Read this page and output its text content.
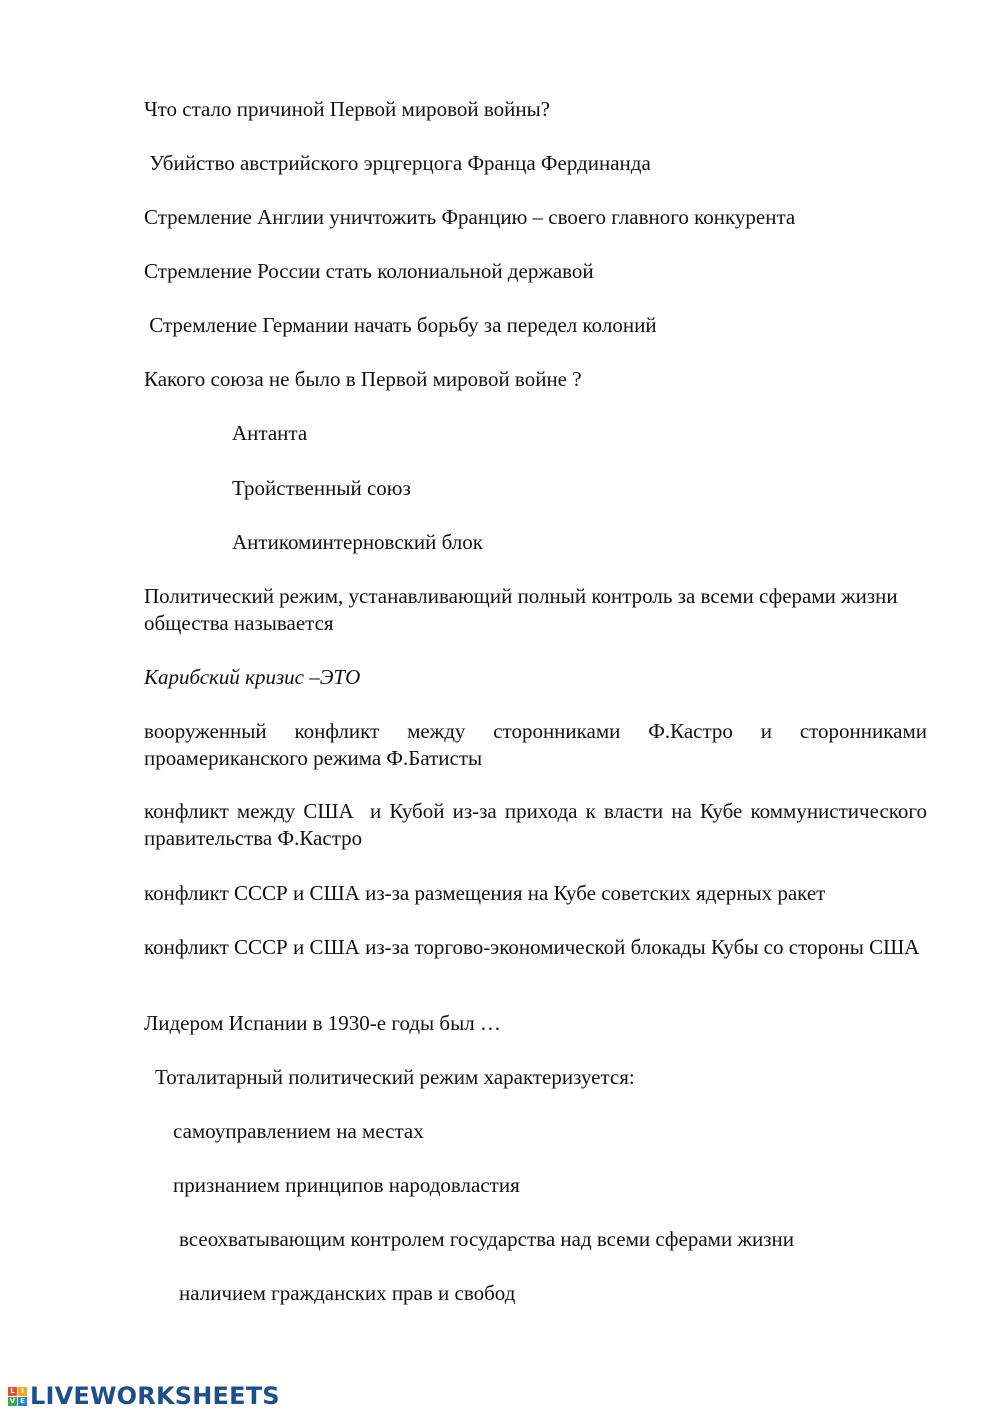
Что стало причиной Первой мировой войны?

Убийство австрийского эрцгерцога Франца Фердинанда

Стремление Англии уничтожить Францию – своего главного конкурента

Стремление России стать колониальной державой

Стремление Германии начать борьбу за передел колоний

Какого союза не было в Первой мировой войне ?

Антанта

Тройственный союз

Антикоминтерновский блок

Политический режим, устанавливающий полный контроль за всеми сферами жизни общества называется

Карибский кризис –ЭТО

вооруженный конфликт между сторонниками Ф.Кастро и сторонниками проамериканского режима Ф.Батисты

конфликт между США  и Кубой из-за прихода к власти на Кубе коммунистического правительства Ф.Кастро

конфликт СССР и США из-за размещения на Кубе советских ядерных ракет

конфликт СССР и США из-за торгово-экономической блокады Кубы со стороны США

Лидером Испании в 1930-е годы был …

Тоталитарный политический режим характеризуется:

самоуправлением на местах

признанием принципов народовластия

всеохватывающим контролем государства над всеми сферами жизни

наличием гражданских прав и свобод

L I
V E LIVEWORKSHEETS
